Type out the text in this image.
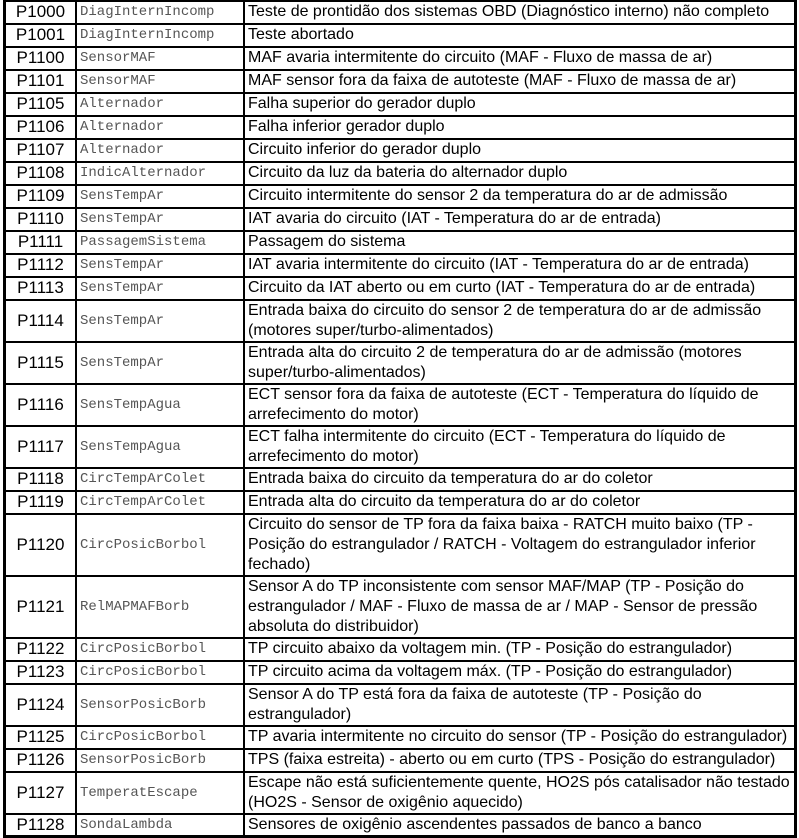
P1000	DiagInternIncomp	Teste de prontidão dos sistemas OBD (Diagnóstico interno) não completo
P1001	DiagInternIncomp	Teste abortado
P1100	SensorMAF	MAF avaria intermitente do circuito (MAF - Fluxo de massa de ar)
P1101	SensorMAF	MAF sensor fora da faixa de autoteste (MAF - Fluxo de massa de ar)
P1105	Alternador	Falha superior do gerador duplo
P1106	Alternador	Falha inferior gerador duplo
P1107	Alternador	Circuito inferior do gerador duplo
P1108	IndicAlternador	Circuito da luz da bateria do alternador duplo
P1109	SensTempAr	Circuito intermitente do sensor 2 da temperatura do ar de admissão
P1110	SensTempAr	IAT avaria do circuito (IAT - Temperatura do ar de entrada)
P1111	PassagemSistema	Passagem do sistema
P1112	SensTempAr	IAT avaria intermitente do circuito (IAT - Temperatura do ar de entrada)
P1113	SensTempAr	Circuito da IAT aberto ou em curto (IAT - Temperatura do ar de entrada)
P1114	SensTempAr	Entrada baixa do circuito do sensor 2 de temperatura do ar de admissão (motores super/turbo-alimentados)
P1115	SensTempAr	Entrada alta do circuito 2 de temperatura do ar de admissão (motores super/turbo-alimentados)
P1116	SensTempAgua	ECT sensor fora da faixa de autoteste (ECT - Temperatura do líquido de arrefecimento do motor)
P1117	SensTempAgua	ECT falha intermitente do circuito (ECT - Temperatura do líquido de arrefecimento do motor)
P1118	CircTempArColet	Entrada baixa do circuito da temperatura do ar do coletor
P1119	CircTempArColet	Entrada alta do circuito da temperatura do ar do coletor
P1120	CircPosicBorbol	Circuito do sensor de TP fora da faixa baixa - RATCH muito baixo (TP - Posição do estrangulador / RATCH - Voltagem do estrangulador inferior fechado)
P1121	RelMAPMAFBorb	Sensor A do TP inconsistente com sensor MAF/MAP (TP - Posição do estrangulador / MAF - Fluxo de massa de ar / MAP - Sensor de pressão absoluta do distribuidor)
P1122	CircPosicBorbol	TP circuito abaixo da voltagem min. (TP - Posição do estrangulador)
P1123	CircPosicBorbol	TP circuito acima da voltagem máx. (TP - Posição do estrangulador)
P1124	SensorPosicBorb	Sensor A do TP está fora da faixa de autoteste (TP - Posição do estrangulador)
P1125	CircPosicBorbol	TP avaria intermitente no circuito do sensor (TP - Posição do estrangulador)
P1126	SensorPosicBorb	TPS (faixa estreita) - aberto ou em curto (TPS - Posição do estrangulador)
P1127	TemperatEscape	Escape não está suficientemente quente, HO2S pós catalisador não testado (HO2S - Sensor de oxigênio aquecido)
P1128	SondaLambda	Sensores de oxigênio ascendentes passados de banco a banco
